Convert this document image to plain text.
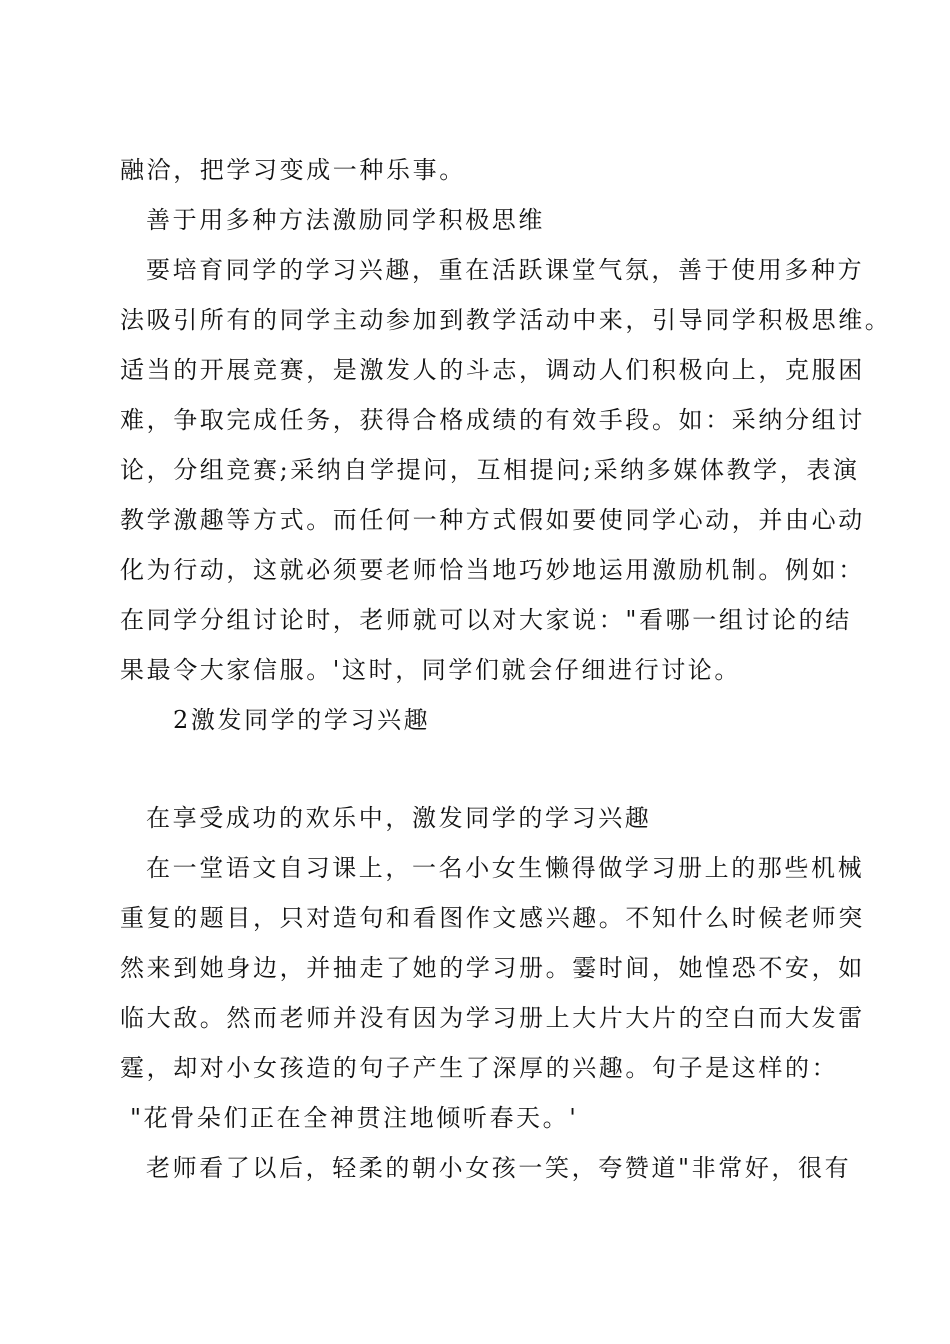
融洽，把学习变成一种乐事。
善于用多种方法激励同学积极思维
要培育同学的学习兴趣，重在活跃课堂气氛，善于使用多种方
法吸引所有的同学主动参加到教学活动中来，引导同学积极思维。
适当的开展竞赛，是激发人的斗志，调动人们积极向上，克服困
难，争取完成任务，获得合格成绩的有效手段。如：采纳分组讨
论，分组竞赛;采纳自学提问，互相提问;采纳多媒体教学，表演
教学激趣等方式。而任何一种方式假如要使同学心动，并由心动
化为行动，这就必须要老师恰当地巧妙地运用激励机制。例如：
在同学分组讨论时，老师就可以对大家说："看哪一组讨论的结
果最令大家信服。'这时，同学们就会仔细进行讨论。
2激发同学的学习兴趣
在享受成功的欢乐中，激发同学的学习兴趣
在一堂语文自习课上，一名小女生懒得做学习册上的那些机械
重复的题目，只对造句和看图作文感兴趣。不知什么时候老师突
然来到她身边，并抽走了她的学习册。霎时间，她惶恐不安，如
临大敌。然而老师并没有因为学习册上大片大片的空白而大发雷
霆，却对小女孩造的句子产生了深厚的兴趣。句子是这样的：
"花骨朵们正在全神贯注地倾听春天。'
老师看了以后，轻柔的朝小女孩一笑，夸赞道"非常好，很有
